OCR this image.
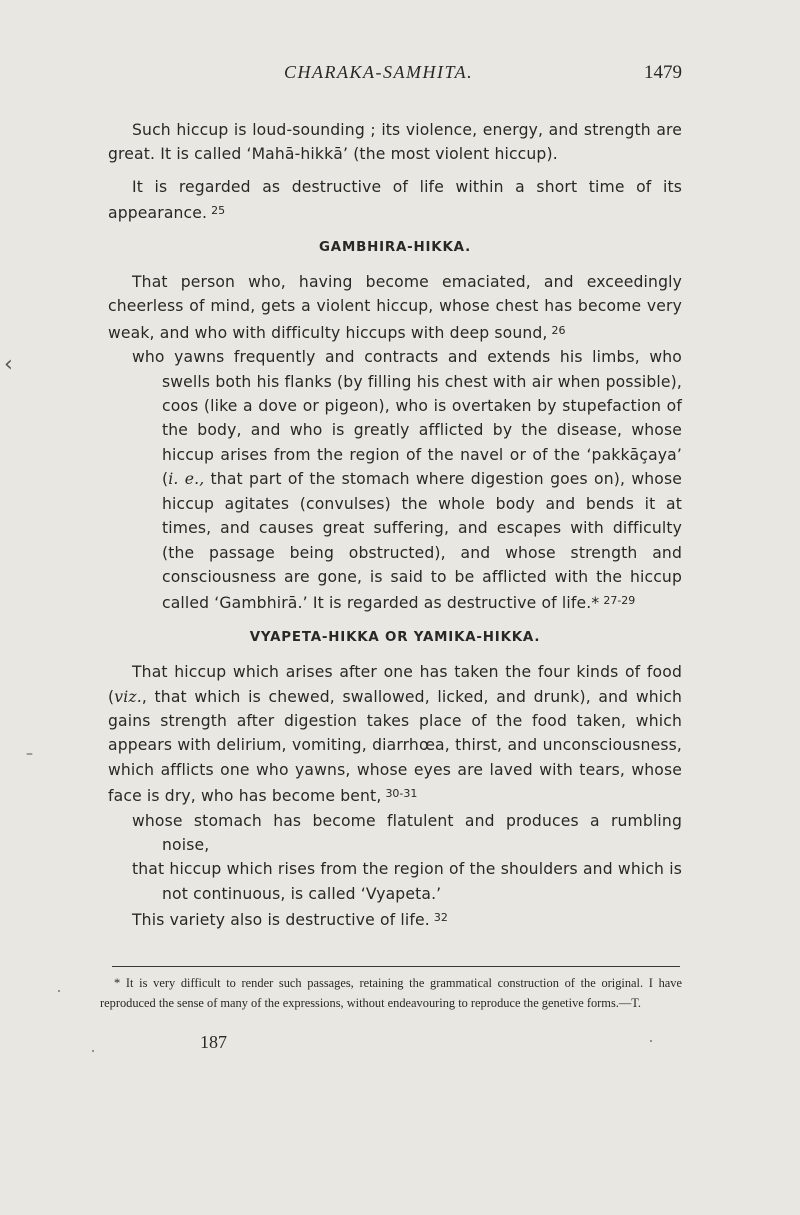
CHARAKA-SAMHITA.	1479

Such hiccup is loud-sounding ; its violence, energy, and strength are great. It is called ‘Mahā-hikkā’ (the most violent hiccup).

It is regarded as destructive of life within a short time of its appearance. $^{25}$

GAMBHIRA-HIKKA.

That person who, having become emaciated, and exceedingly cheerless of mind, gets a violent hiccup, whose chest has become very weak, and who with difficulty hiccups with deep sound, $^{26}$

who yawns frequently and contracts and extends his limbs, who swells both his flanks (by filling his chest with air when possible), coos (like a dove or pigeon), who is overtaken by stupefaction of the body, and who is greatly afflicted by the disease, whose hiccup arises from the region of the navel or of the ‘pakkāçaya’ (i. e., that part of the stomach where digestion goes on), whose hiccup agitates (convulses) the whole body and bends it at times, and causes great suffering, and escapes with difficulty (the passage being obstructed), and whose strength and consciousness are gone, is said to be afflicted with the hiccup called ‘Gambhirā.’ It is regarded as destructive of life.* $^{27-29}$

VYAPETA-HIKKA OR YAMIKA-HIKKA.

That hiccup which arises after one has taken the four kinds of food (viz., that which is chewed, swallowed, licked, and drunk), and which gains strength after digestion takes place of the food taken, which appears with delirium, vomiting, diarrhœa, thirst, and unconsciousness, which afflicts one who yawns, whose eyes are laved with tears, whose face is dry, who has become bent, $^{30-31}$

whose stomach has become flatulent and produces a rumbling noise,

that hiccup which rises from the region of the shoulders and which is not continuous, is called ‘Vyapeta.’

This variety also is destructive of life. $^{32}$

* It is very difficult to render such passages, retaining the grammatical construction of the original. I have reproduced the sense of many of the expressions, without endeavouring to reproduce the genetive forms.—T.

187
‹
–
